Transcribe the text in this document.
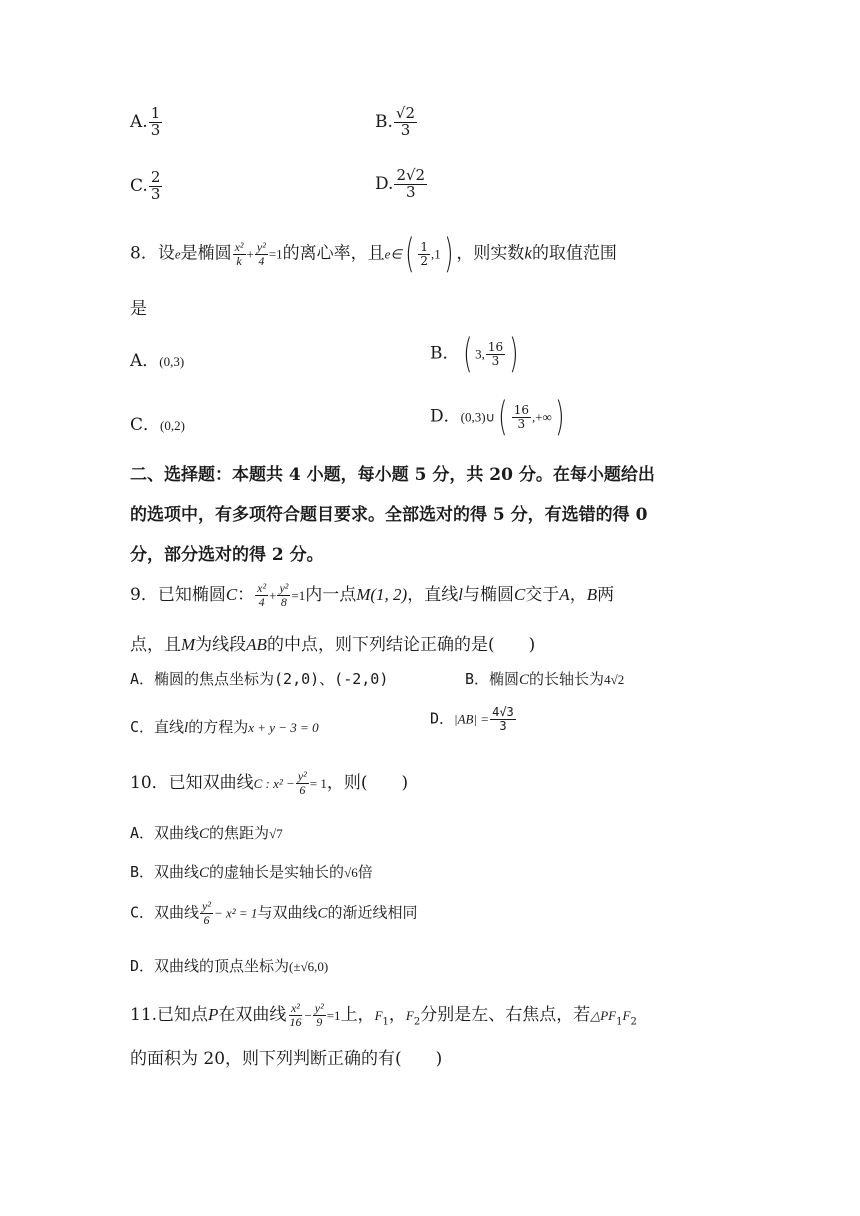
A. $\frac{1}{3}$	B. $\frac{√2}{3}$
C. $\frac{2}{3}$	D. $\frac{2√2}{3}$
8．设e是椭圆 $\frac{\text{x²}}{k} + \frac{\text{y²}}{4} =1$的离心率，且e∈( $\frac{1}{2} ,1$) ，则实数k的取值范围
是
A．(0,3)	B．( 3, $\frac{16}{3}$ )
C．(0,2)	D．(0,3)∪( $\frac{16}{3}$ ,+∞)
二、选择题：本题共 4 小题，每小题 5 分，共 20 分。在每小题给出
的选项中，有多项符合题目要求。全部选对的得 5 分，有选错的得 0
分，部分选对的得 2 分。
9．已知椭圆C： $\frac{\text{x²}}{4} + \frac{\text{y²}}{8} =1$内一点M(1, 2)，直线l与椭圆C交于A，B两
点，且M为线段AB的中点，则下列结论正确的是(　　)
A．椭圆的焦点坐标为(2,0)、(-2,0)	B．椭圆C的长轴长为4√2
C．直线l的方程为x + y − 3 = 0	D．$|AB| = \frac{4√3}{3}$
10．已知双曲线C : $x^2 - \frac{\text{y²}}{6} = 1$，则(　　)
A．双曲线C的焦距为√7
B．双曲线C的虚轴长是实轴长的√6倍
C．双曲线 $\frac{\text{y²}}{6} - x^2 = 1$与双曲线C的渐近线相同
D．双曲线的顶点坐标为(±√6,0)
11.已知点P在双曲线 $\frac{\text{x²}}{16} - \frac{\text{y²}}{9} =1$上，$F_1$，$F_2$分别是左、右焦点，若$\triangle PF_1F_2$
的面积为 20，则下列判断正确的有(　　)
